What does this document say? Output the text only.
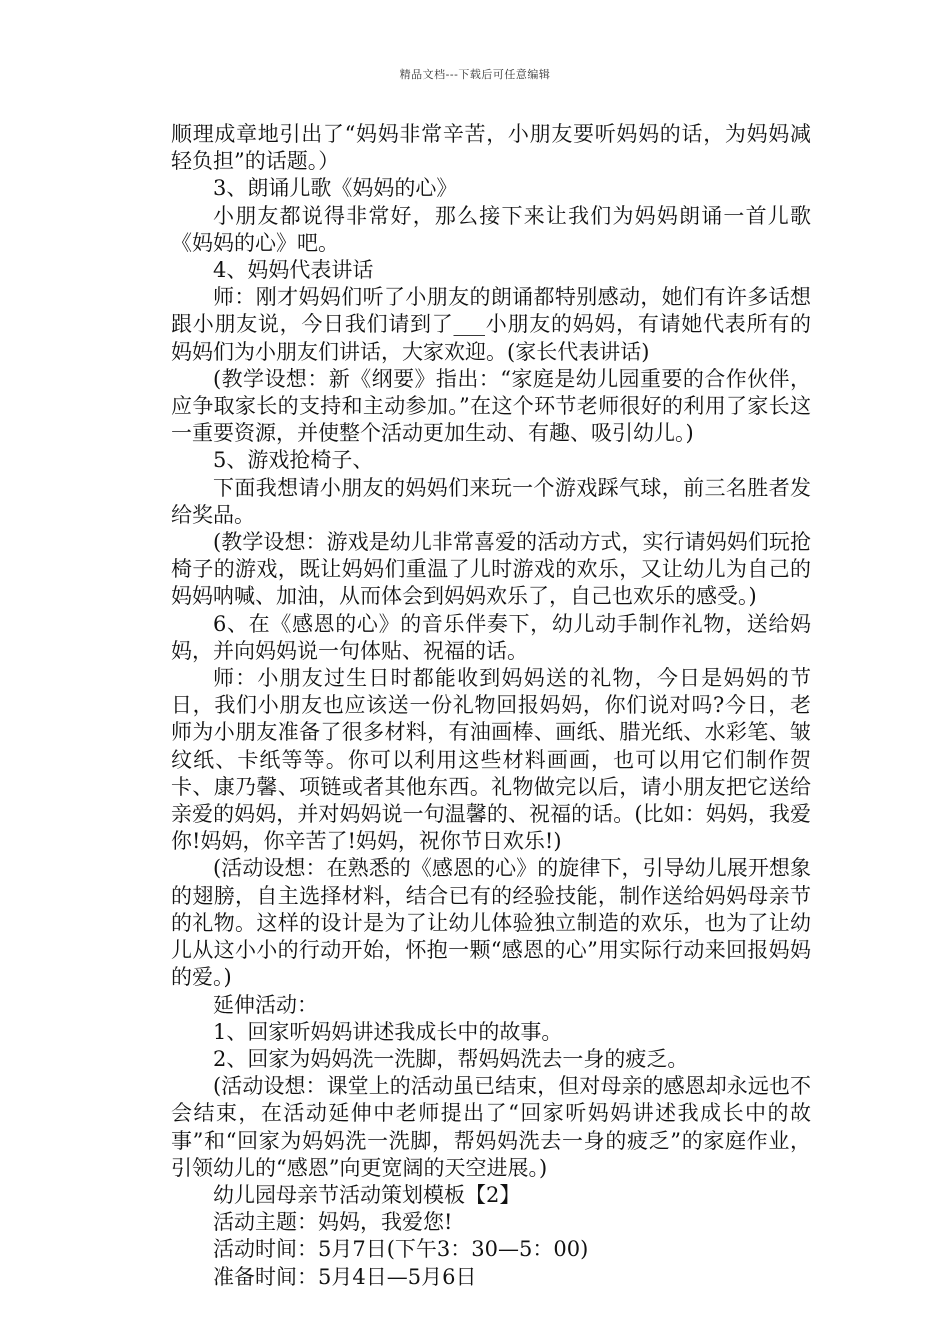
精品文档---下载后可任意编辑

顺理成章地引出了“妈妈非常辛苦，小朋友要听妈妈的话，为妈妈减轻负担”的话题。）

3、朗诵儿歌《妈妈的心》

小朋友都说得非常好，那么接下来让我们为妈妈朗诵一首儿歌《妈妈的心》吧。

4、妈妈代表讲话

师：刚才妈妈们听了小朋友的朗诵都特别感动，她们有许多话想跟小朋友说，今日我们请到了___小朋友的妈妈，有请她代表所有的妈妈们为小朋友们讲话，大家欢迎。(家长代表讲话)

(教学设想：新《纲要》指出：“家庭是幼儿园重要的合作伙伴，应争取家长的支持和主动参加。”在这个环节老师很好的利用了家长这一重要资源，并使整个活动更加生动、有趣、吸引幼儿。)

5、游戏抢椅子、

下面我想请小朋友的妈妈们来玩一个游戏踩气球，前三名胜者发给奖品。

(教学设想：游戏是幼儿非常喜爱的活动方式，实行请妈妈们玩抢椅子的游戏，既让妈妈们重温了儿时游戏的欢乐，又让幼儿为自己的妈妈呐喊、加油，从而体会到妈妈欢乐了，自己也欢乐的感受。)

6、在《感恩的心》的音乐伴奏下，幼儿动手制作礼物，送给妈妈，并向妈妈说一句体贴、祝福的话。

师：小朋友过生日时都能收到妈妈送的礼物，今日是妈妈的节日，我们小朋友也应该送一份礼物回报妈妈，你们说对吗?今日，老师为小朋友准备了很多材料，有油画棒、画纸、腊光纸、水彩笔、皱纹纸、卡纸等等。你可以利用这些材料画画，也可以用它们制作贺卡、康乃馨、项链或者其他东西。礼物做完以后，请小朋友把它送给亲爱的妈妈，并对妈妈说一句温馨的、祝福的话。(比如：妈妈，我爱你!妈妈，你辛苦了!妈妈，祝你节日欢乐!)

(活动设想：在熟悉的《感恩的心》的旋律下，引导幼儿展开想象的翅膀，自主选择材料，结合已有的经验技能，制作送给妈妈母亲节的礼物。这样的设计是为了让幼儿体验独立制造的欢乐，也为了让幼儿从这小小的行动开始，怀抱一颗“感恩的心”用实际行动来回报妈妈的爱。)

延伸活动：

1、回家听妈妈讲述我成长中的故事。

2、回家为妈妈洗一洗脚，帮妈妈洗去一身的疲乏。

(活动设想：课堂上的活动虽已结束，但对母亲的感恩却永远也不会结束，在活动延伸中老师提出了“回家听妈妈讲述我成长中的故事”和“回家为妈妈洗一洗脚，帮妈妈洗去一身的疲乏”的家庭作业，引领幼儿的“感恩”向更宽阔的天空进展。)

幼儿园母亲节活动策划模板【2】

活动主题：妈妈，我爱您!

活动时间：5月7日(下午3：30—5：00)

准备时间：5月4日—5月6日
